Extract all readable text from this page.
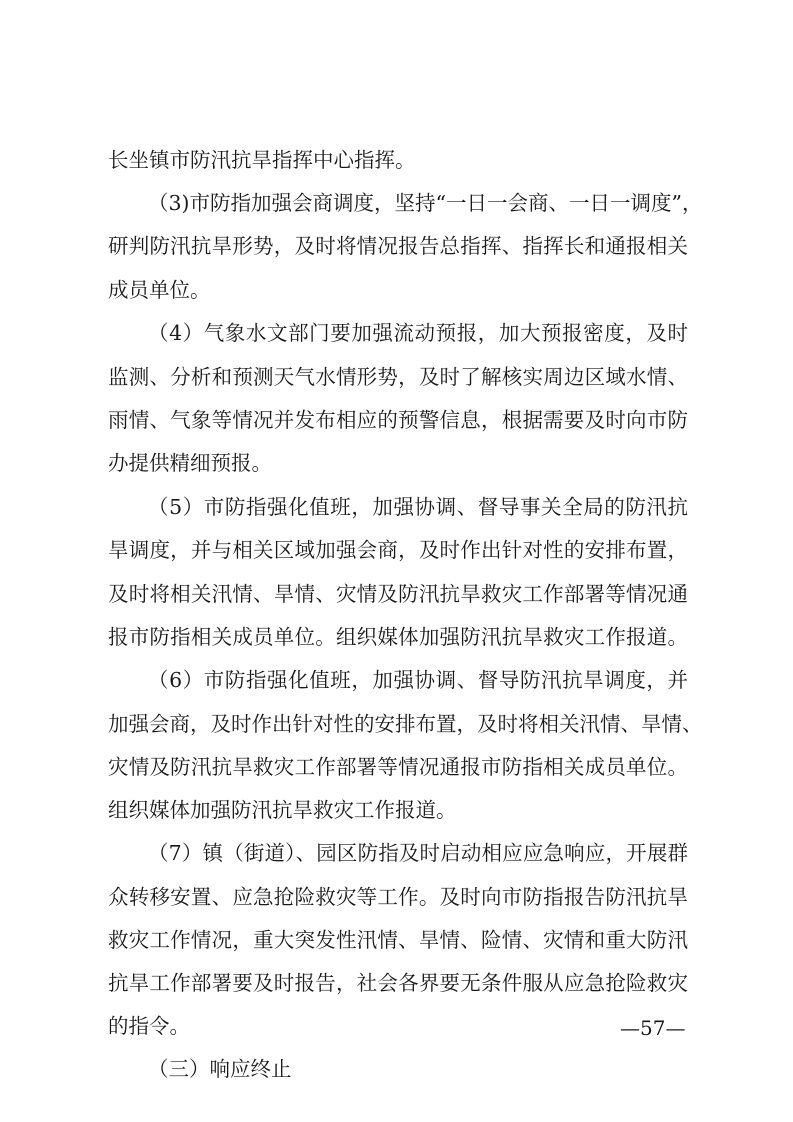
长坐镇市防汛抗旱指挥中心指挥。
（3)市防指加强会商调度，坚持“一日一会商、一日一调度”，
研判防汛抗旱形势，及时将情况报告总指挥、指挥长和通报相关
成员单位。
（4）气象水文部门要加强流动预报，加大预报密度，及时
监测、分析和预测天气水情形势，及时了解核实周边区域水情、
雨情、气象等情况并发布相应的预警信息，根据需要及时向市防
办提供精细预报。
（5）市防指强化值班，加强协调、督导事关全局的防汛抗
旱调度，并与相关区域加强会商，及时作出针对性的安排布置，
及时将相关汛情、旱情、灾情及防汛抗旱救灾工作部署等情况通
报市防指相关成员单位。组织媒体加强防汛抗旱救灾工作报道。
（6）市防指强化值班，加强协调、督导防汛抗旱调度，并
加强会商，及时作出针对性的安排布置，及时将相关汛情、旱情、
灾情及防汛抗旱救灾工作部署等情况通报市防指相关成员单位。
组织媒体加强防汛抗旱救灾工作报道。
（7）镇（街道）、园区防指及时启动相应应急响应，开展群
众转移安置、应急抢险救灾等工作。及时向市防指报告防汛抗旱
救灾工作情况，重大突发性汛情、旱情、险情、灾情和重大防汛
抗旱工作部署要及时报告，社会各界要无条件服从应急抢险救灾
的指令。
（三）响应终止
—57—
